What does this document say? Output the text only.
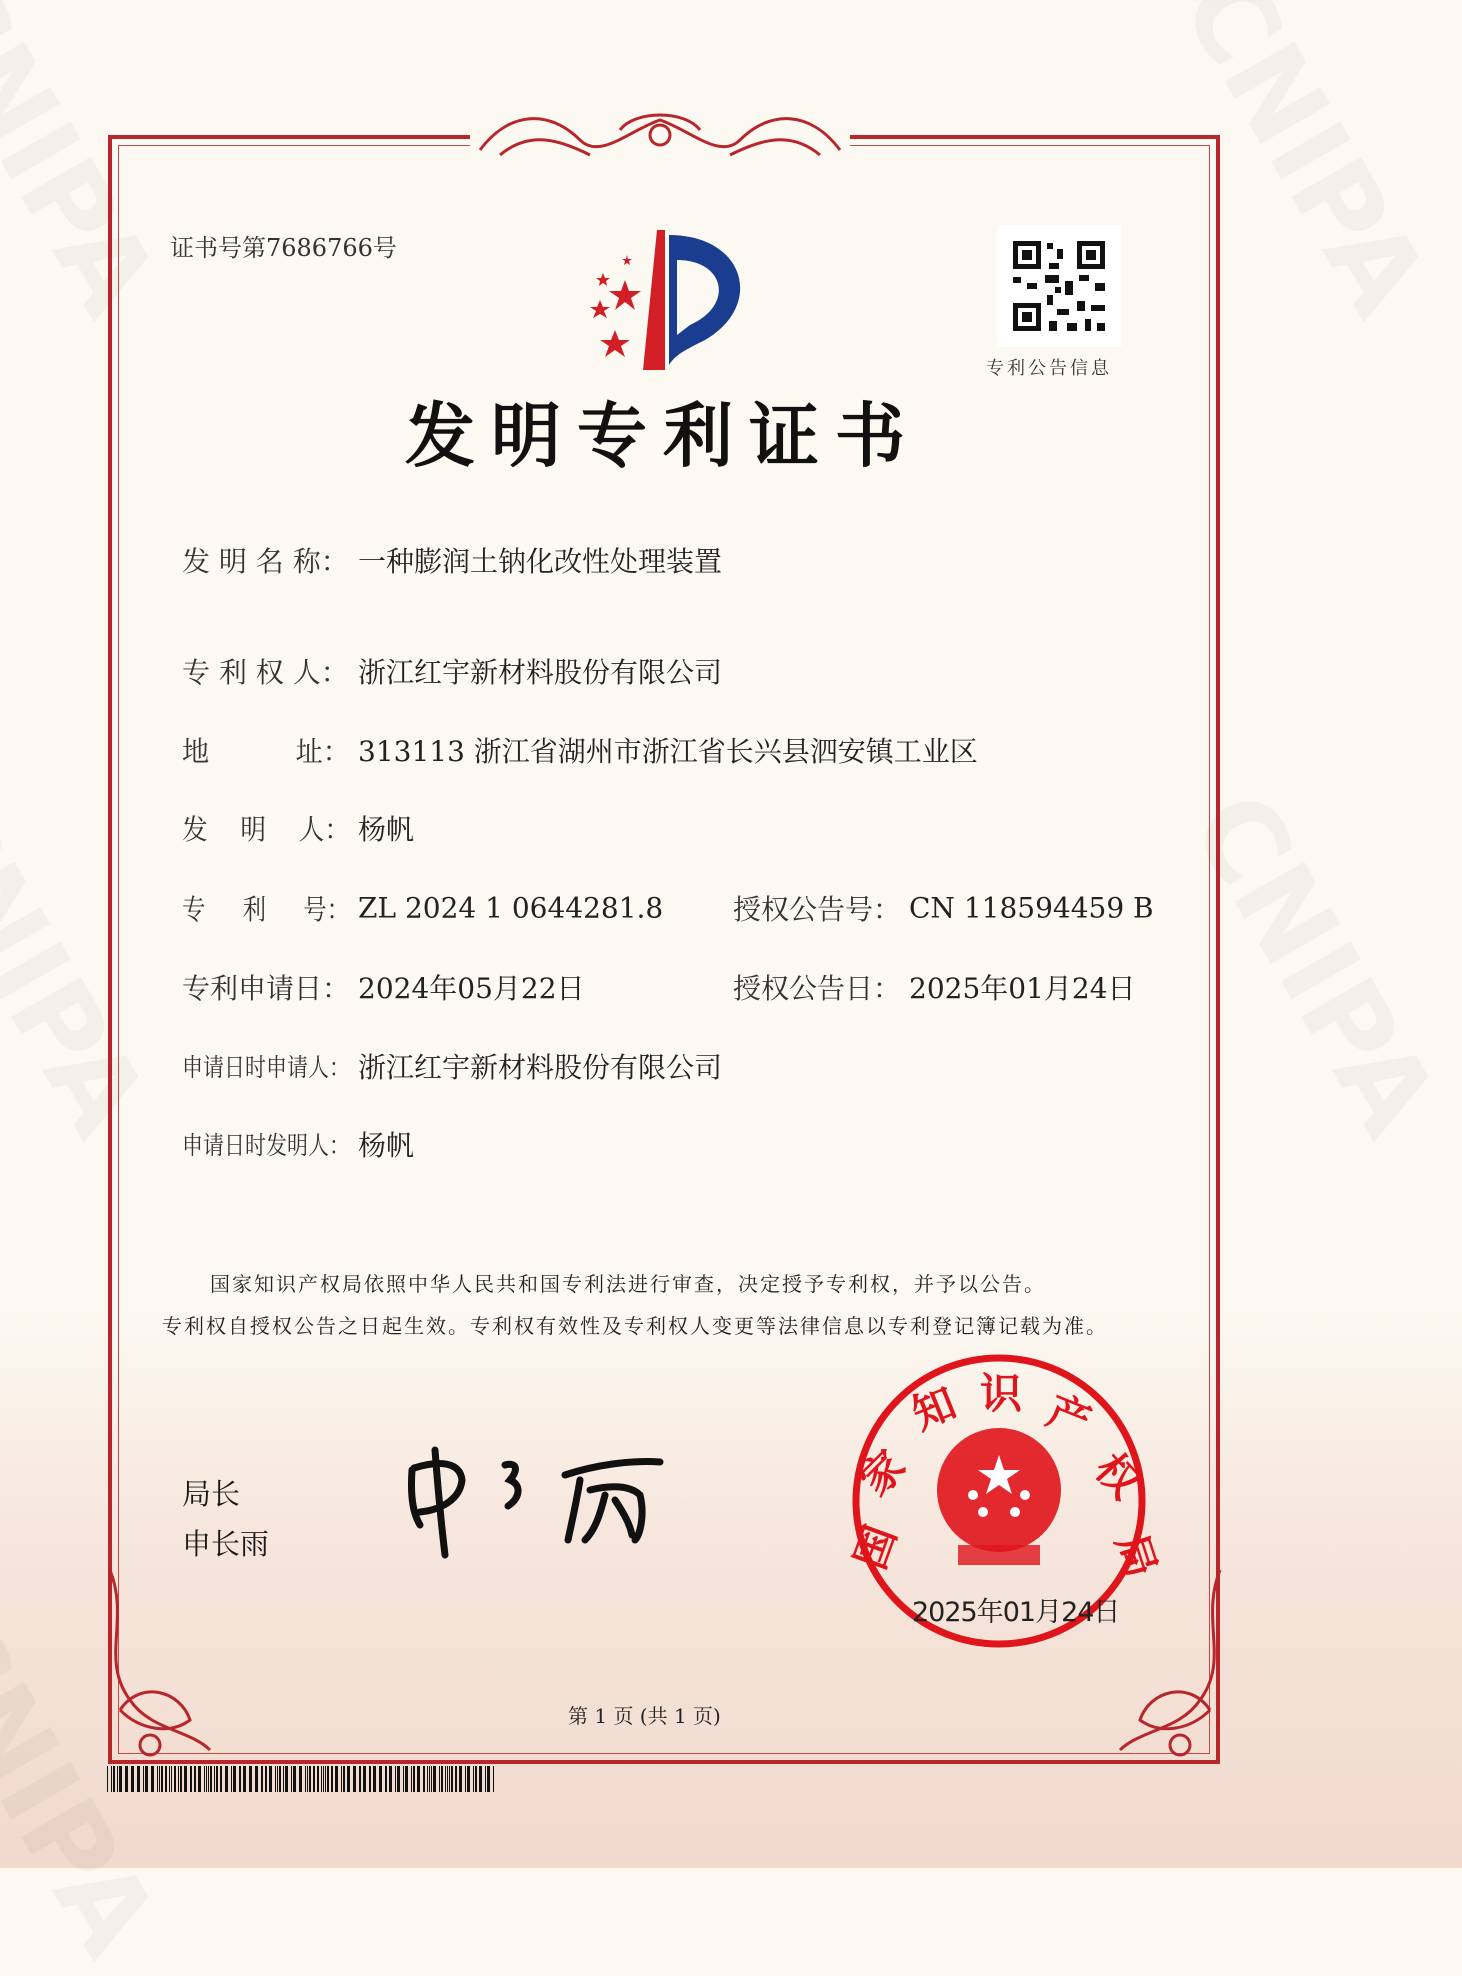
证书号第7686766号
专利公告信息
发明专利证书
发 明 名 称： 一种膨润土钠化改性处理装置
专 利 权 人： 浙江红宇新材料股份有限公司
地          址： 313113 浙江省湖州市浙江省长兴县泗安镇工业区
发    明    人： 杨帆
专     利     号： ZL 2024 1 0644281.8 授权公告号： CN 118594459 B
专利申请日： 2024年05月22日	授权公告日： 2025年01月24日
申请日时申请人： 浙江红宇新材料股份有限公司
申请日时发明人： 杨帆
国家知识产权局依照中华人民共和国专利法进行审查，决定授予专利权，并予以公告。
专利权自授权公告之日起生效。专利权有效性及专利权人变更等法律信息以专利登记簿记载为准。
局长
申长雨	国
家
知 识 产
权
局
2025年01月24日
第 1 页 (共 1 页)
